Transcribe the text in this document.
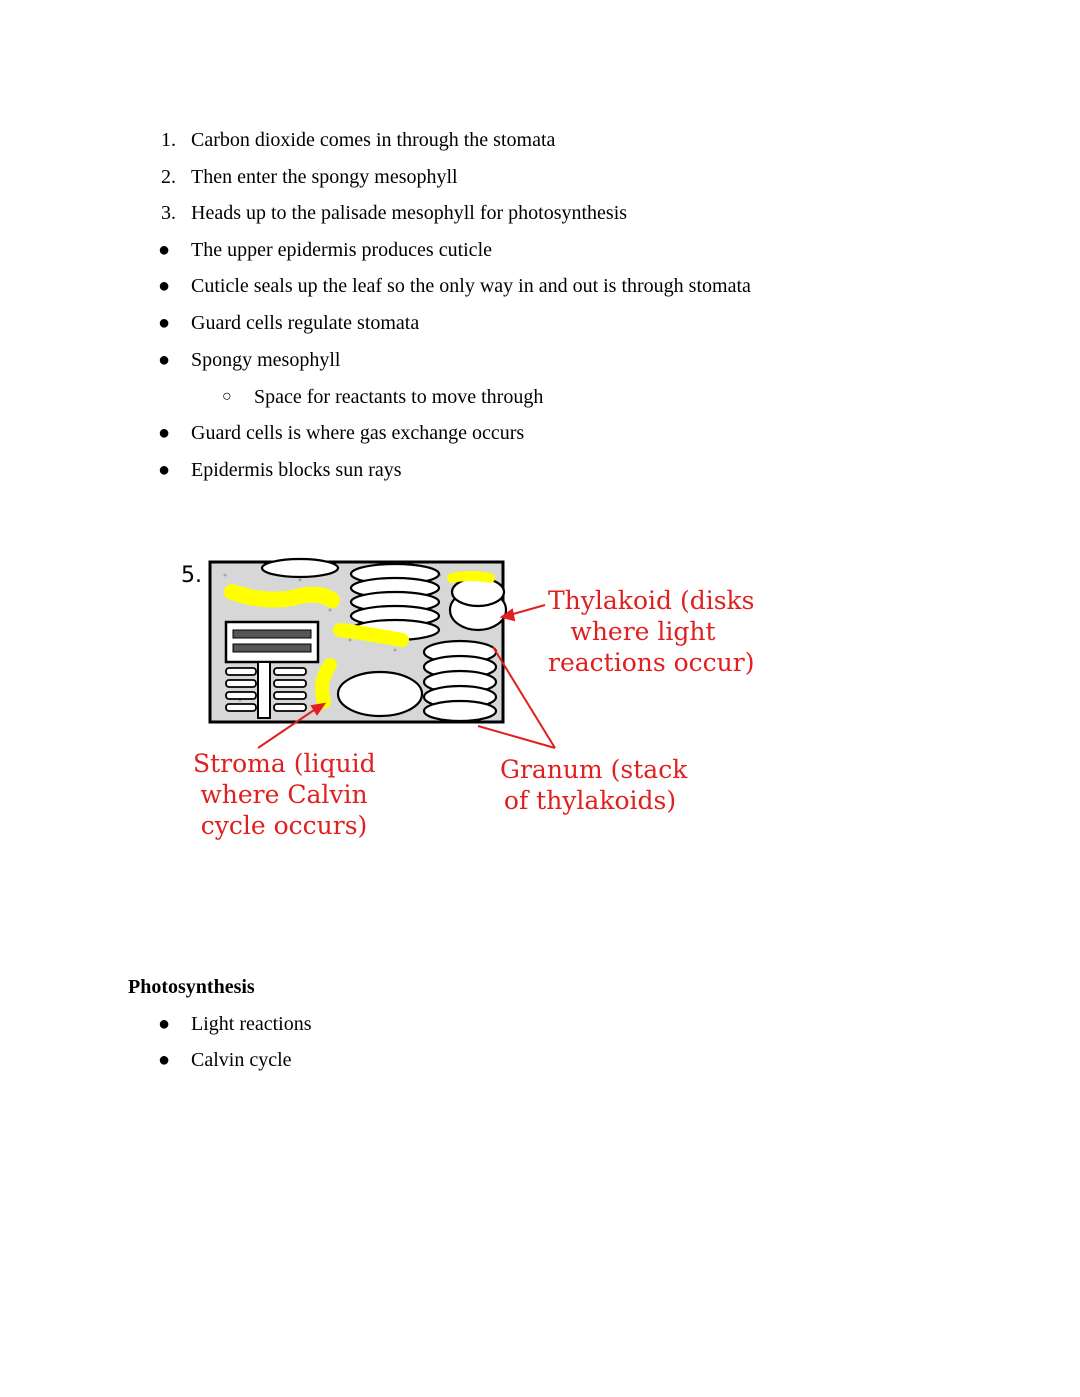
1. Carbon dioxide comes in through the stomata
2. Then enter the spongy mesophyll
3. Heads up to the palisade mesophyll for photosynthesis
● The upper epidermis produces cuticle
● Cuticle seals up the leaf so the only way in and out is through stomata
● Guard cells regulate stomata
● Spongy mesophyll
○ Space for reactants to move through
● Guard cells is where gas exchange occurs
● Epidermis blocks sun rays
5.
Thylakoid (disks
where light
reactions occur)
Stroma (liquid
where Calvin
cycle occurs)
Granum (stack
of thylakoids)
Photosynthesis
● Light reactions
● Calvin cycle
